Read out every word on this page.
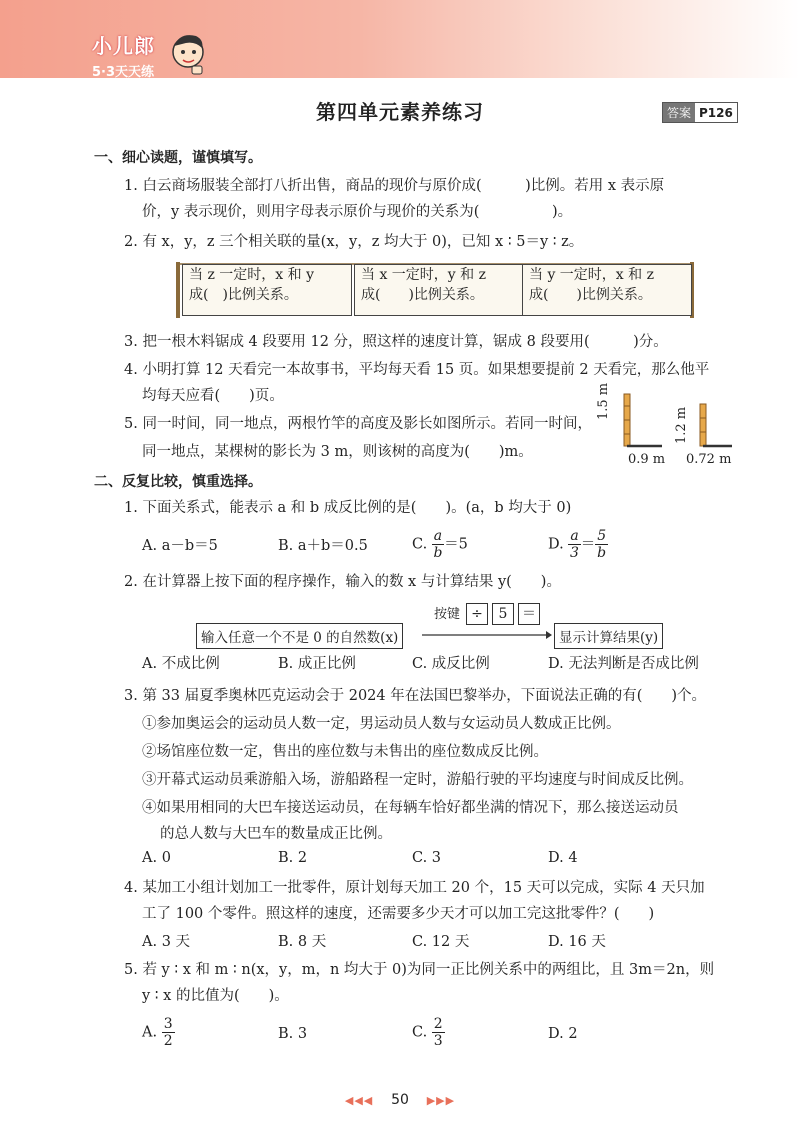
小儿郎
5·3天天练
第四单元素养练习	答案 P126
一、细心读题，谨慎填写。
1. 白云商场服装全部打八折出售，商品的现价与原价成(　　　)比例。若用 x 表示原
价，y 表示现价，则用字母表示原价与现价的关系为(　　　　　)。
2. 有 x，y，z 三个相关联的量(x，y，z 均大于 0)，已知 x ∶ 5＝y ∶ z。
当 z 一定时，x 和 y
成(　)比例关系。
当 x 一定时，y 和 z
成(　　)比例关系。
当 y 一定时，x 和 z
成(　　)比例关系。
3. 把一根木料锯成 4 段要用 12 分，照这样的速度计算，锯成 8 段要用(　　　)分。
4. 小明打算 12 天看完一本故事书，平均每天看 15 页。如果想要提前 2 天看完，那么他平
均每天应看(　　)页。
5. 同一时间，同一地点，两根竹竿的高度及影长如图所示。若同一时间，
同一地点，某棵树的影长为 3 m，则该树的高度为(　　)m。
1.5 m
1.2 m
0.9 m 0.72 m
二、反复比较，慎重选择。
1. 下面关系式，能表示 a 和 b 成反比例的是(　　)。(a，b 均大于 0)
A. a－b＝5	B. a＋b＝0.5	C. $\frac{a}{b} =5$	D. $\frac{a}{3} = \frac{5}{b}$
2. 在计算器上按下面的程序操作，输入的数 x 与计算结果 y(　　)。
按键 ÷	5	＝
输入任意一个不是 0 的自然数(x)	显示计算结果(y)
A. 不成比例	B. 成正比例	C. 成反比例	D. 无法判断是否成比例
3. 第 33 届夏季奥林匹克运动会于 2024 年在法国巴黎举办，下面说法正确的有(　　)个。
①参加奥运会的运动员人数一定，男运动员人数与女运动员人数成正比例。
②场馆座位数一定，售出的座位数与未售出的座位数成反比例。
③开幕式运动员乘游船入场，游船路程一定时，游船行驶的平均速度与时间成反比例。
④如果用相同的大巴车接送运动员，在每辆车恰好都坐满的情况下，那么接送运动员
的总人数与大巴车的数量成正比例。
A. 0	B. 2	C. 3	D. 4
4. 某加工小组计划加工一批零件，原计划每天加工 20 个，15 天可以完成，实际 4 天只加
工了 100 个零件。照这样的速度，还需要多少天才可以加工完这批零件？(　　)
A. 3 天	B. 8 天	C. 12 天	D. 16 天
5. 若 y ∶ x 和 m ∶ n(x，y，m，n 均大于 0)为同一正比例关系中的两组比，且 3m＝2n，则
y ∶ x 的比值为(　　)。
A. $\frac{3}{2}$	B. 3	C. $\frac{2}{3}$	D. 2
◀◀◀ 50 ▶▶▶
